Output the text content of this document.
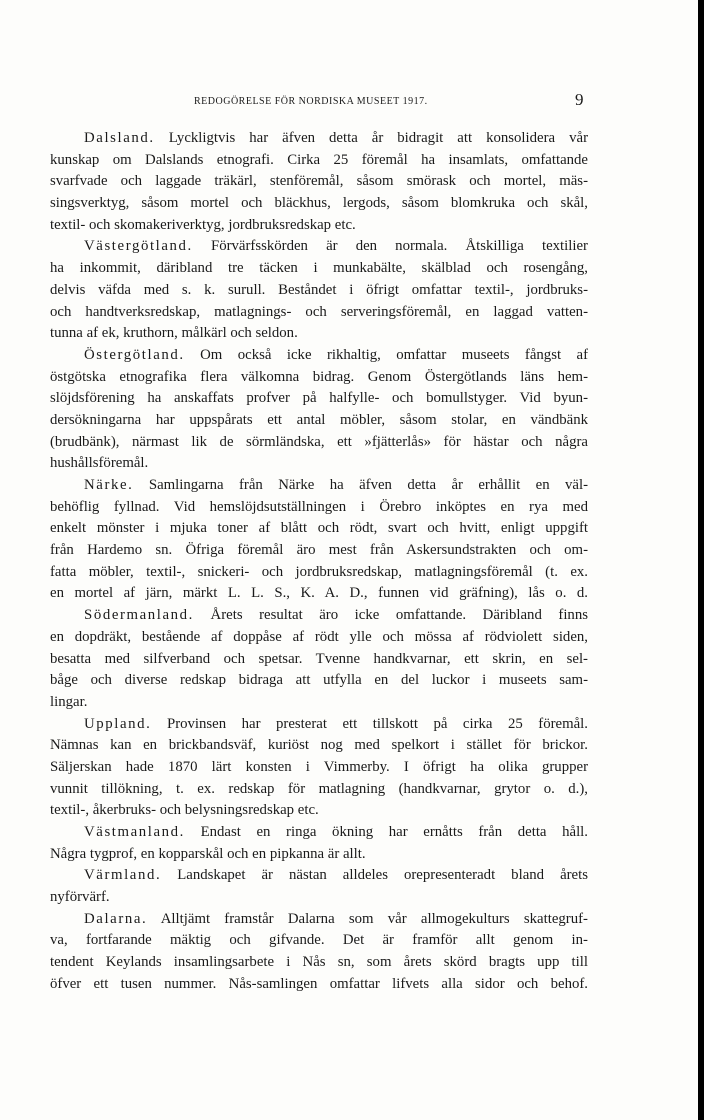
REDOGÖRELSE FÖR NORDISKA MUSEET 1917.	9
Dalsland. Lyckligtvis har äfven detta år bidragit att konsolidera vår
kunskap om Dalslands etnografi. Cirka 25 föremål ha insamlats, omfattande
svarfvade och laggade träkärl, stenföremål, såsom smörask och mortel, mäs-
singsverktyg, såsom mortel och bläckhus, lergods, såsom blomkruka och skål,
textil- och skomakeriverktyg, jordbruksredskap etc.
Västergötland. Förvärfsskörden är den normala. Åtskilliga textilier
ha inkommit, däribland tre täcken i munkabälte, skälblad och rosengång,
delvis väfda med s. k. surull. Beståndet i öfrigt omfattar textil-, jordbruks-
och handtverksredskap, matlagnings- och serveringsföremål, en laggad vatten-
tunna af ek, kruthorn, målkärl och seldon.
Östergötland. Om också icke rikhaltig, omfattar museets fångst af
östgötska etnografika flera välkomna bidrag. Genom Östergötlands läns hem-
slöjdsförening ha anskaffats profver på halfylle- och bomullstyger. Vid byun-
dersökningarna har uppspårats ett antal möbler, såsom stolar, en vändbänk
(brudbänk), närmast lik de sörmländska, ett »fjätterlås» för hästar och några
hushållsföremål.
Närke. Samlingarna från Närke ha äfven detta år erhållit en väl-
behöflig fyllnad. Vid hemslöjdsutställningen i Örebro inköptes en rya med
enkelt mönster i mjuka toner af blått och rödt, svart och hvitt, enligt uppgift
från Hardemo sn. Öfriga föremål äro mest från Askersundstrakten och om-
fatta möbler, textil-, snickeri- och jordbruksredskap, matlagningsföremål (t. ex.
en mortel af järn, märkt L. L. S., K. A. D., funnen vid gräfning), lås o. d.
Södermanland. Årets resultat äro icke omfattande. Däribland finns
en dopdräkt, bestående af doppåse af rödt ylle och mössa af rödviolett siden,
besatta med silfverband och spetsar. Tvenne handkvarnar, ett skrin, en sel-
båge och diverse redskap bidraga att utfylla en del luckor i museets sam-
lingar.
Uppland. Provinsen har presterat ett tillskott på cirka 25 föremål.
Nämnas kan en brickbandsväf, kuriöst nog med spelkort i stället för brickor.
Säljerskan hade 1870 lärt konsten i Vimmerby. I öfrigt ha olika grupper
vunnit tillökning, t. ex. redskap för matlagning (handkvarnar, grytor o. d.),
textil-, åkerbruks- och belysningsredskap etc.
Västmanland. Endast en ringa ökning har ernåtts från detta håll.
Några tygprof, en kopparskål och en pipkanna är allt.
Värmland. Landskapet är nästan alldeles orepresenteradt bland årets
nyförvärf.
Dalarna. Alltjämt framstår Dalarna som vår allmogekulturs skattegruf-
va, fortfarande mäktig och gifvande. Det är framför allt genom in-
tendent Keylands insamlingsarbete i Nås sn, som årets skörd bragts upp till
öfver ett tusen nummer. Nås-samlingen omfattar lifvets alla sidor och behof.
